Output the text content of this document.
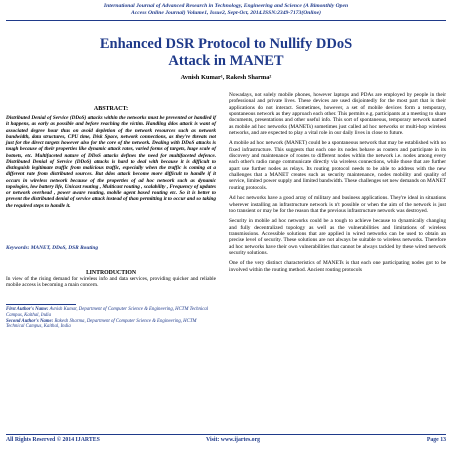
International Journal of Advanced Research in Technology, Engineering and Science (A Bimonthly Open
Access Online Journal) Volume1, Issue2, Sept-Oct, 2014.ISSN:2349-7173(Online)
Enhanced DSR Protocol to Nullify DDoS
Attack in MANET
Avnish Kumar¹, Rakesh Sharma²
ABSTRACT:

Distributed Denial of Service (DDoS) attacks within the networks must be prevented or handled if it happens, as early as possible and before reaching the victim. Handling ddos attack is want of associated degree hour thus on avoid depletion of the network resources such as network bandwidth, data structures, CPU time, Disk Space, network connections, as they're threats not just for the direct targets however also for the core of the network. Dealing with DDoS attacks is tough because of their properties like dynamic attack rates, varied forms of targets, huge scale of botnets, etc. Multifaceted nature of DDoS attacks defines the need for multifaceted defence. Distributed Denial of Service (DDoS) attacks is hard to deal with because it is difficult to distinguish legitimate traffic from malicious traffic, especially when the traffic is coming at a different rate from distributed sources. But ddos attack become more difficult to handle if it occurs in wireless network because of the properties of ad hoc network such as dynamic topologies, low battery life, Unicast routing , Multicast routing , scalability , Frequency of updates or network overhead , power aware routing, mobile agent based routing etc. So it is better to prevent the distributed denial of service attack instead of than permitting it to occur and so taking the required steps to handle it.

Keywords: MANET, DDoS, DSR Routing
I.INTRODUCTION

In view of the rising demand for wireless info and data services, providing quicker and reliable mobile access is becoming a main concern.

First Author's Name: Avnish Kumar, Department of Computer Science & Engineering, HCTM Technical Campus, Kaithal, India
Second Author's Name: Rakesh Sharma, Department of Computer Science & Engineering, HCTM Technical Campus, Kaithal, India

Nowadays, not solely mobile phones, however laptops and PDAs are employed by people in their professional and private lives. These devices are used disjointedly for the most part that is their applications do not interact. Sometimes, however, a set of mobile devices form a temporary, spontaneous network as they approach each other. This permits e.g. participants at a meeting to share documents, presentations and other useful info. This sort of spontaneous, temporary network named as mobile ad hoc networks (MANETs) sometimes just called ad hoc networks or multi-hop wireless networks, and are expected to play a vital role in our daily lives in close to future.

A mobile ad hoc network (MANET) could be a spontaneous network that may be established with no fixed infrastructure. This suggests that each one its nodes behave as routers and participate in its discovery and maintenance of routes to different nodes within the network i.e. nodes among every each other's radio range communicate directly via wireless connections, while those that are further apart use further nodes as relays. Its routing protocol needs to be able to address with the new challenges that a MANET creates such as security maintenance, nodes mobility and quality of service, limited power supply and limited bandwidth. These challenges set new demands on MANET routing protocols.

Ad hoc networks have a good array of military and business applications. They're ideal in situations wherever installing an infrastructure network is n't possible or when the aim of the network is just too transient or may be for the reason that the previous infrastructure network was destroyed.

Security in mobile ad hoc networks could be a tough to achieve because to dynamically changing and fully decentralized topology as well as the vulnerabilities and limitations of wireless transmissions. Accessible solutions that are applied in wired networks can be used to obtain an precise level of security. These solutions are not always be suitable to wireless networks. Therefore ad hoc networks have their own vulnerabilities that cannot be always tackled by these wired network security solutions.

One of the very distinct characteristics of MANETs is that each one participating nodes got to be involved within the routing method. Ancient routing protocols

All Rights Reserved © 2014 IJARTES	Visit: www.ijartes.org	Page 13
